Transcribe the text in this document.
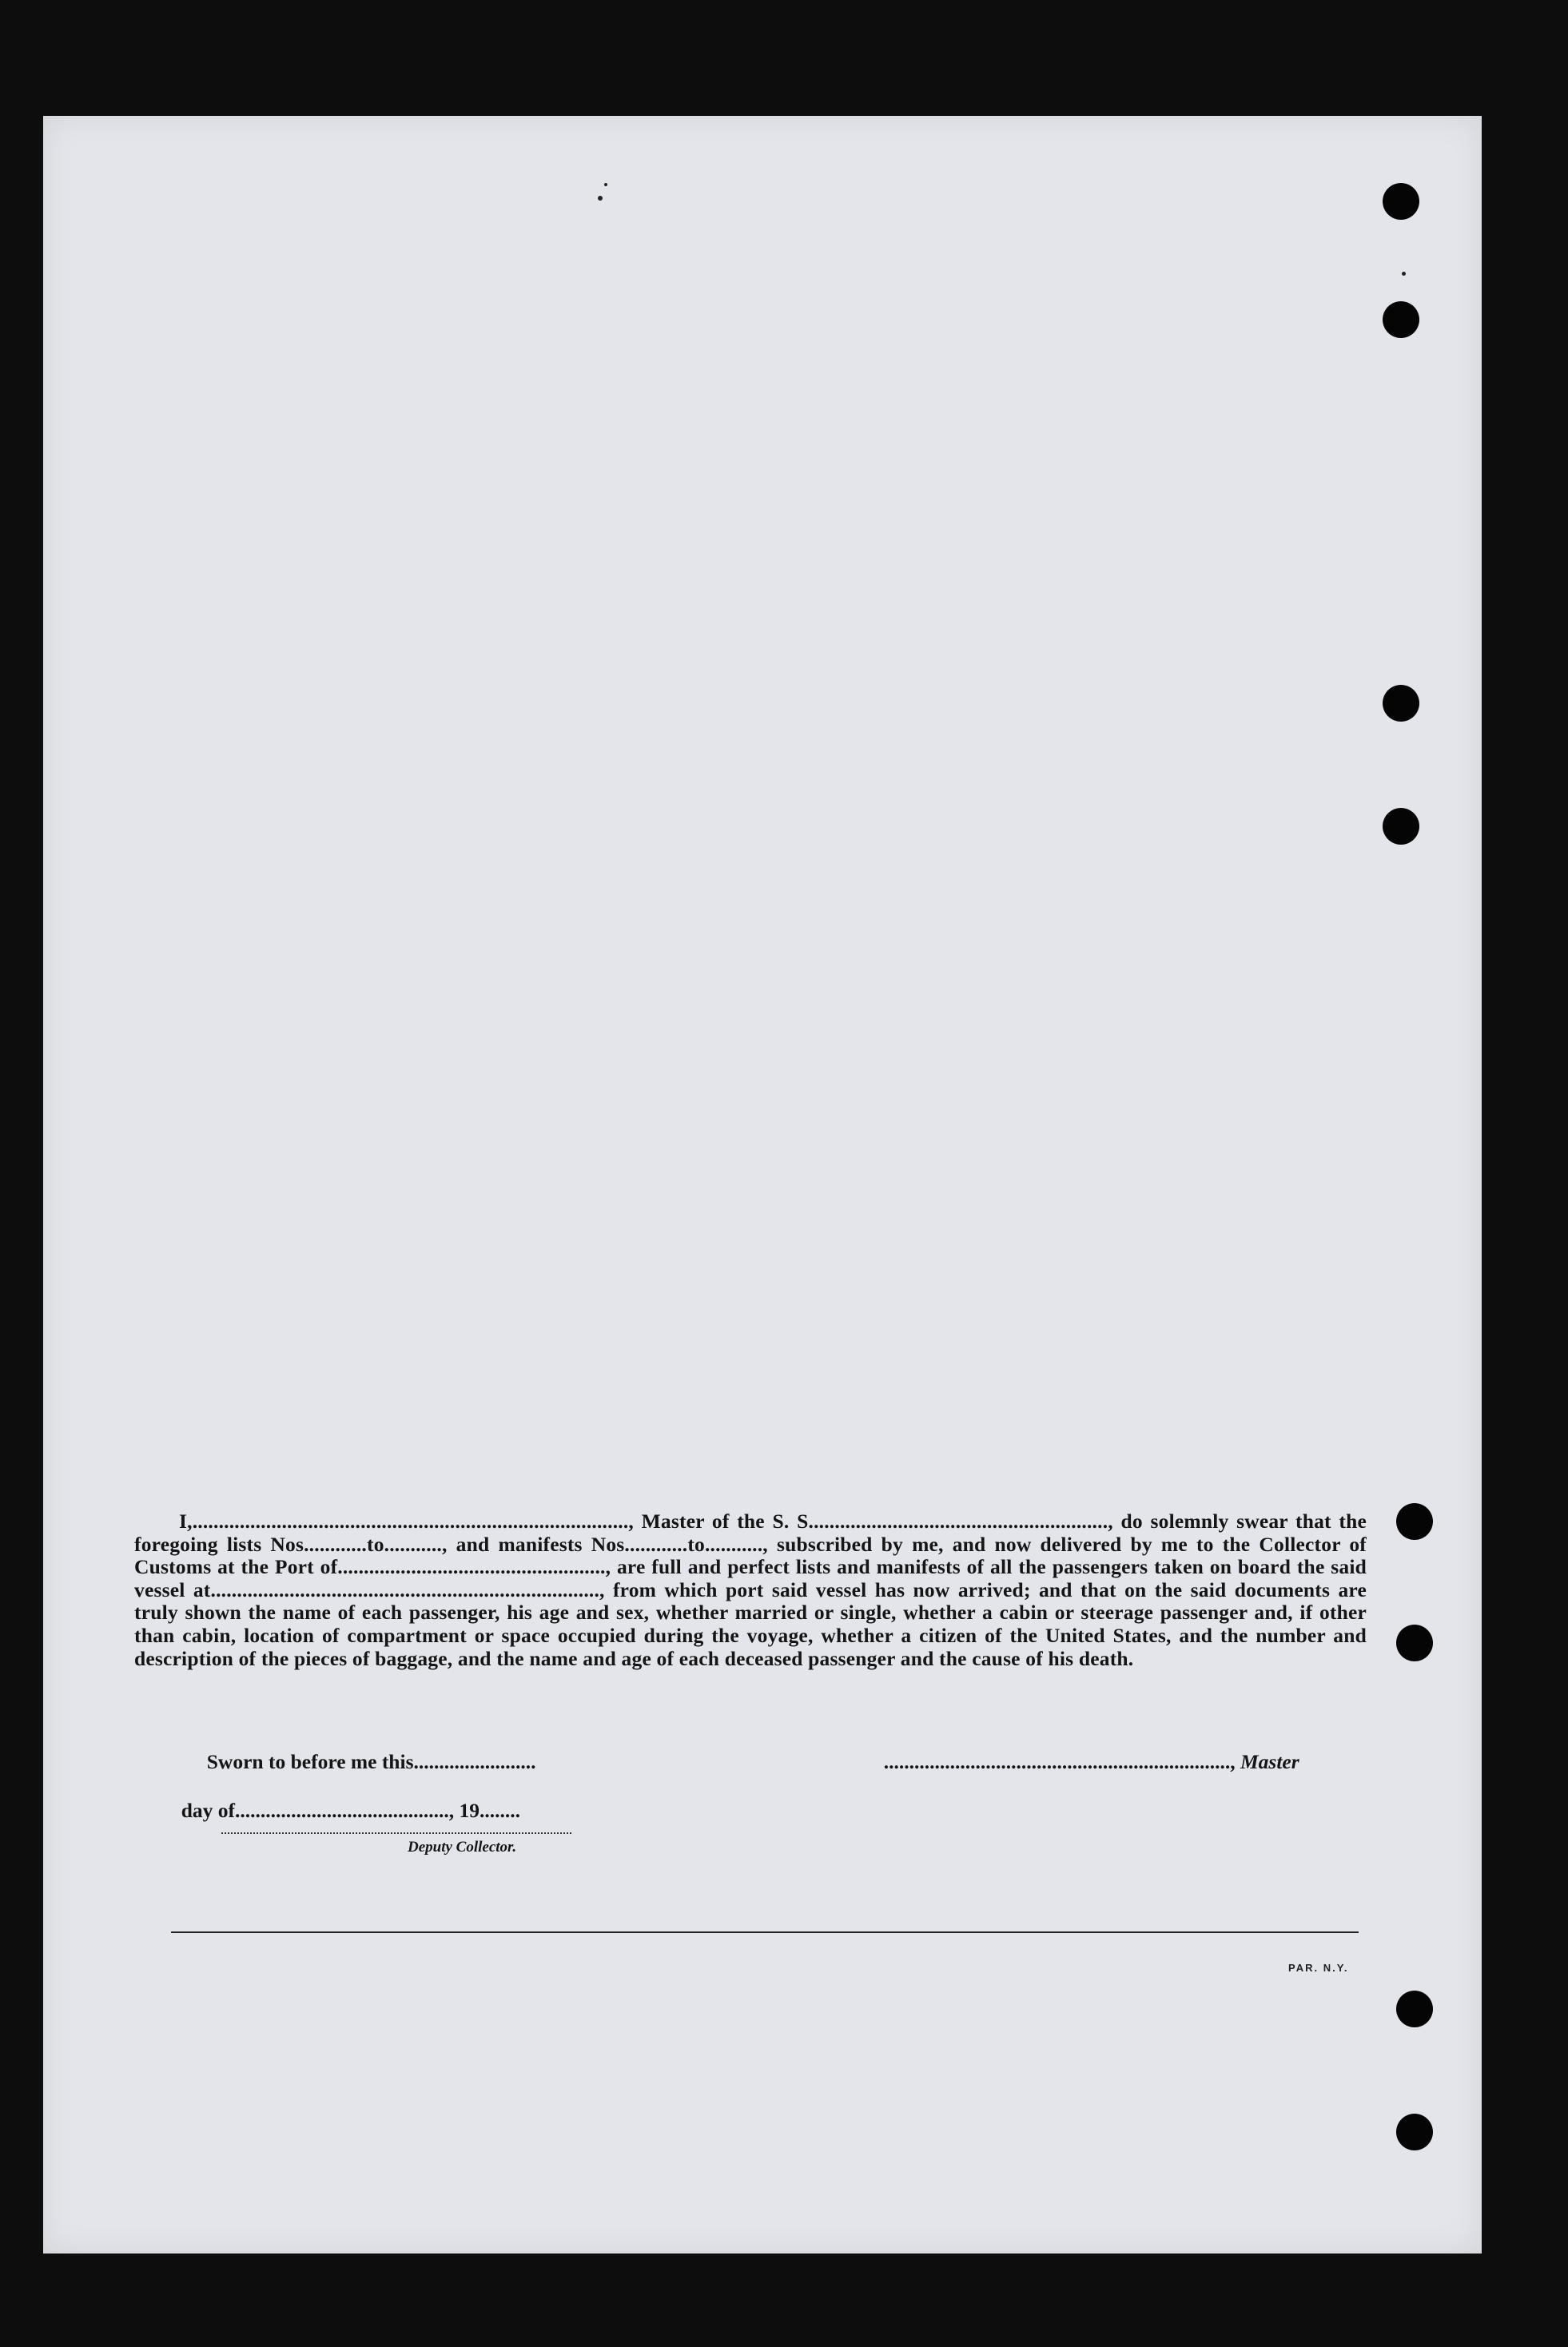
I,..................................................................................., Master of the S. S........................................................., do solemnly swear that the foregoing lists Nos............to..........., and manifests Nos............to..........., subscribed by me, and now delivered by me to the Collector of Customs at the Port of..................................................., are full and perfect lists and manifests of all the passengers taken on board the said vessel at.........................................................................., from which port said vessel has now arrived; and that on the said documents are truly shown the name of each passenger, his age and sex, whether married or single, whether a cabin or steerage passenger and, if other than cabin, location of compartment or space occupied during the voyage, whether a citizen of the United States, and the number and description of the pieces of baggage, and the name and age of each deceased passenger and the cause of his death.

Sworn to before me this........................	...................................................................., Master

day of.........................................., 19........

Deputy Collector.
PAR. N.Y.
